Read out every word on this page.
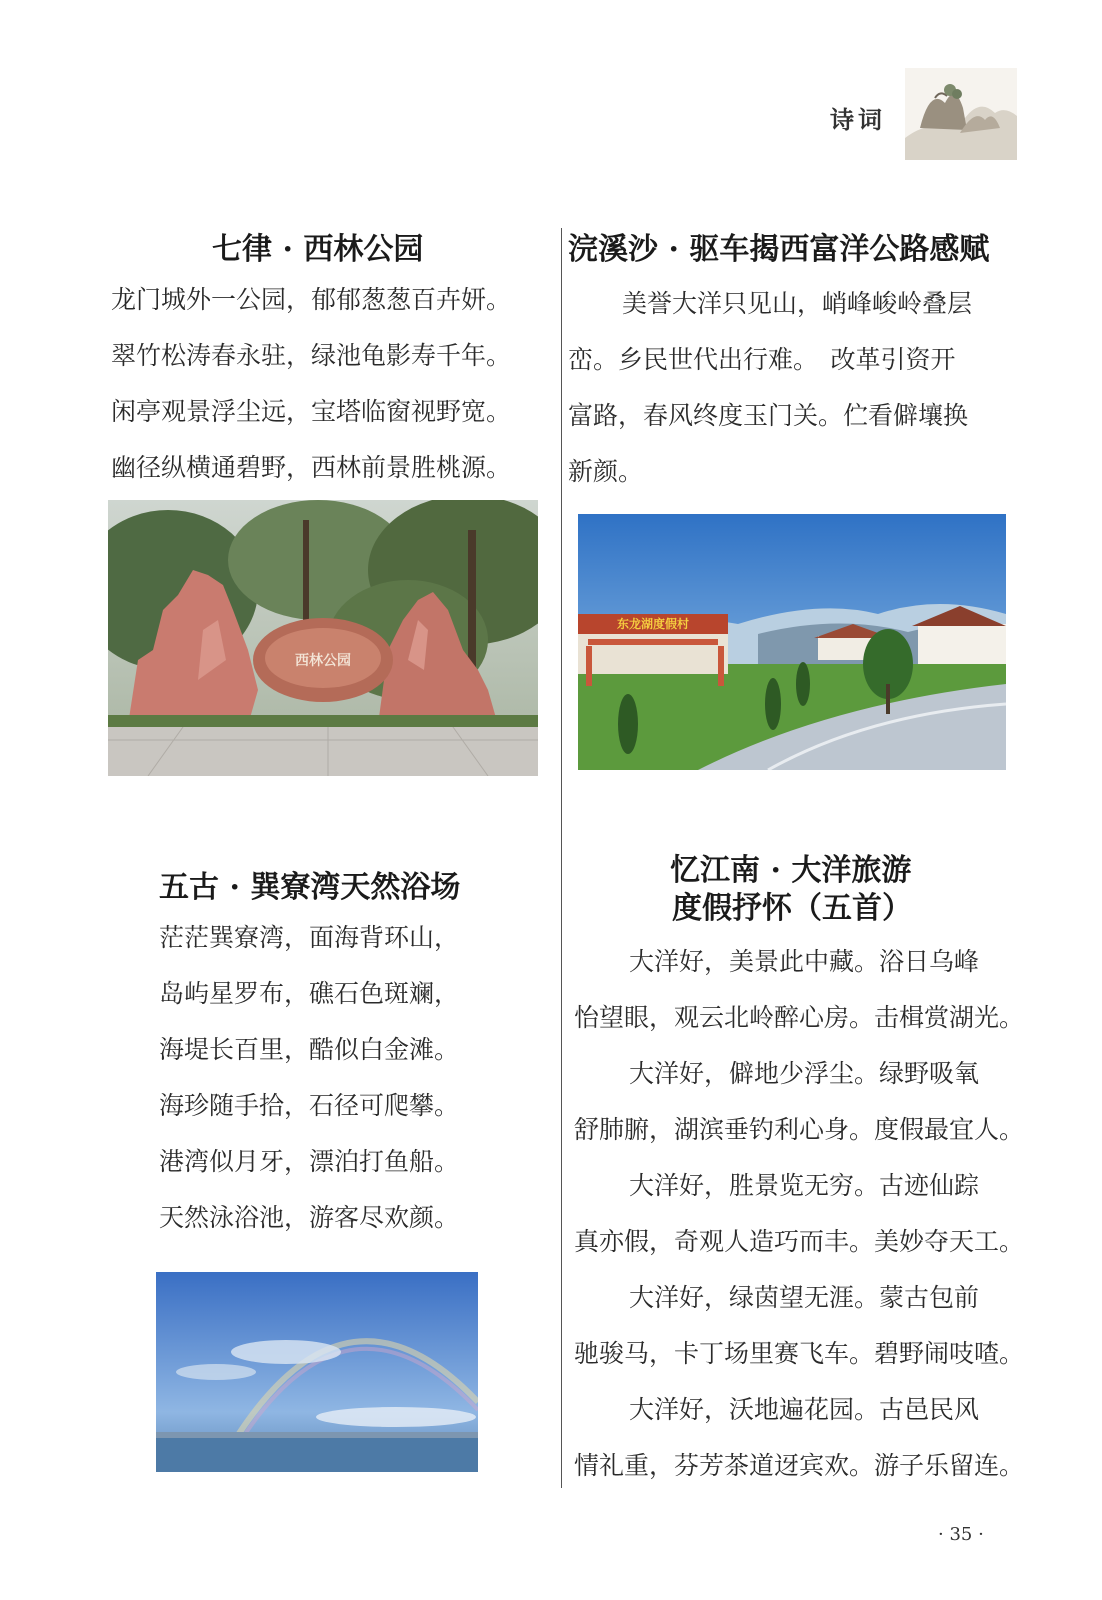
诗词
七律 · 西林公园
龙门城外一公园，郁郁葱葱百卉妍。
翠竹松涛春永驻，绿池龟影寿千年。
闲亭观景浮尘远，宝塔临窗视野宽。
幽径纵横通碧野，西林前景胜桃源。
西林公园
浣溪沙 · 驱车揭西富洋公路感赋
美誉大洋只见山，峭峰峻岭叠层
峦。乡民世代出行难。　改革引资开
富路，春风终度玉门关。伫看僻壤换
新颜。
东龙湖度假村
五古 · 巽寮湾天然浴场
茫茫巽寮湾，面海背环山，
岛屿星罗布，礁石色斑斓，
海堤长百里，酷似白金滩。
海珍随手拾，石径可爬攀。
港湾似月牙，漂泊打鱼船。
天然泳浴池，游客尽欢颜。
忆江南 · 大洋旅游
度假抒怀（五首）
大洋好，美景此中藏。浴日乌峰
怡望眼，观云北岭醉心房。击楫赏湖光。
大洋好，僻地少浮尘。绿野吸氧
舒肺腑，湖滨垂钓利心身。度假最宜人。
大洋好，胜景览无穷。古迹仙踪
真亦假，奇观人造巧而丰。美妙夺天工。
大洋好，绿茵望无涯。蒙古包前
驰骏马，卡丁场里赛飞车。碧野闹吱喳。
大洋好，沃地遍花园。古邑民风
情礼重，芬芳茶道迓宾欢。游子乐留连。
· 35 ·
